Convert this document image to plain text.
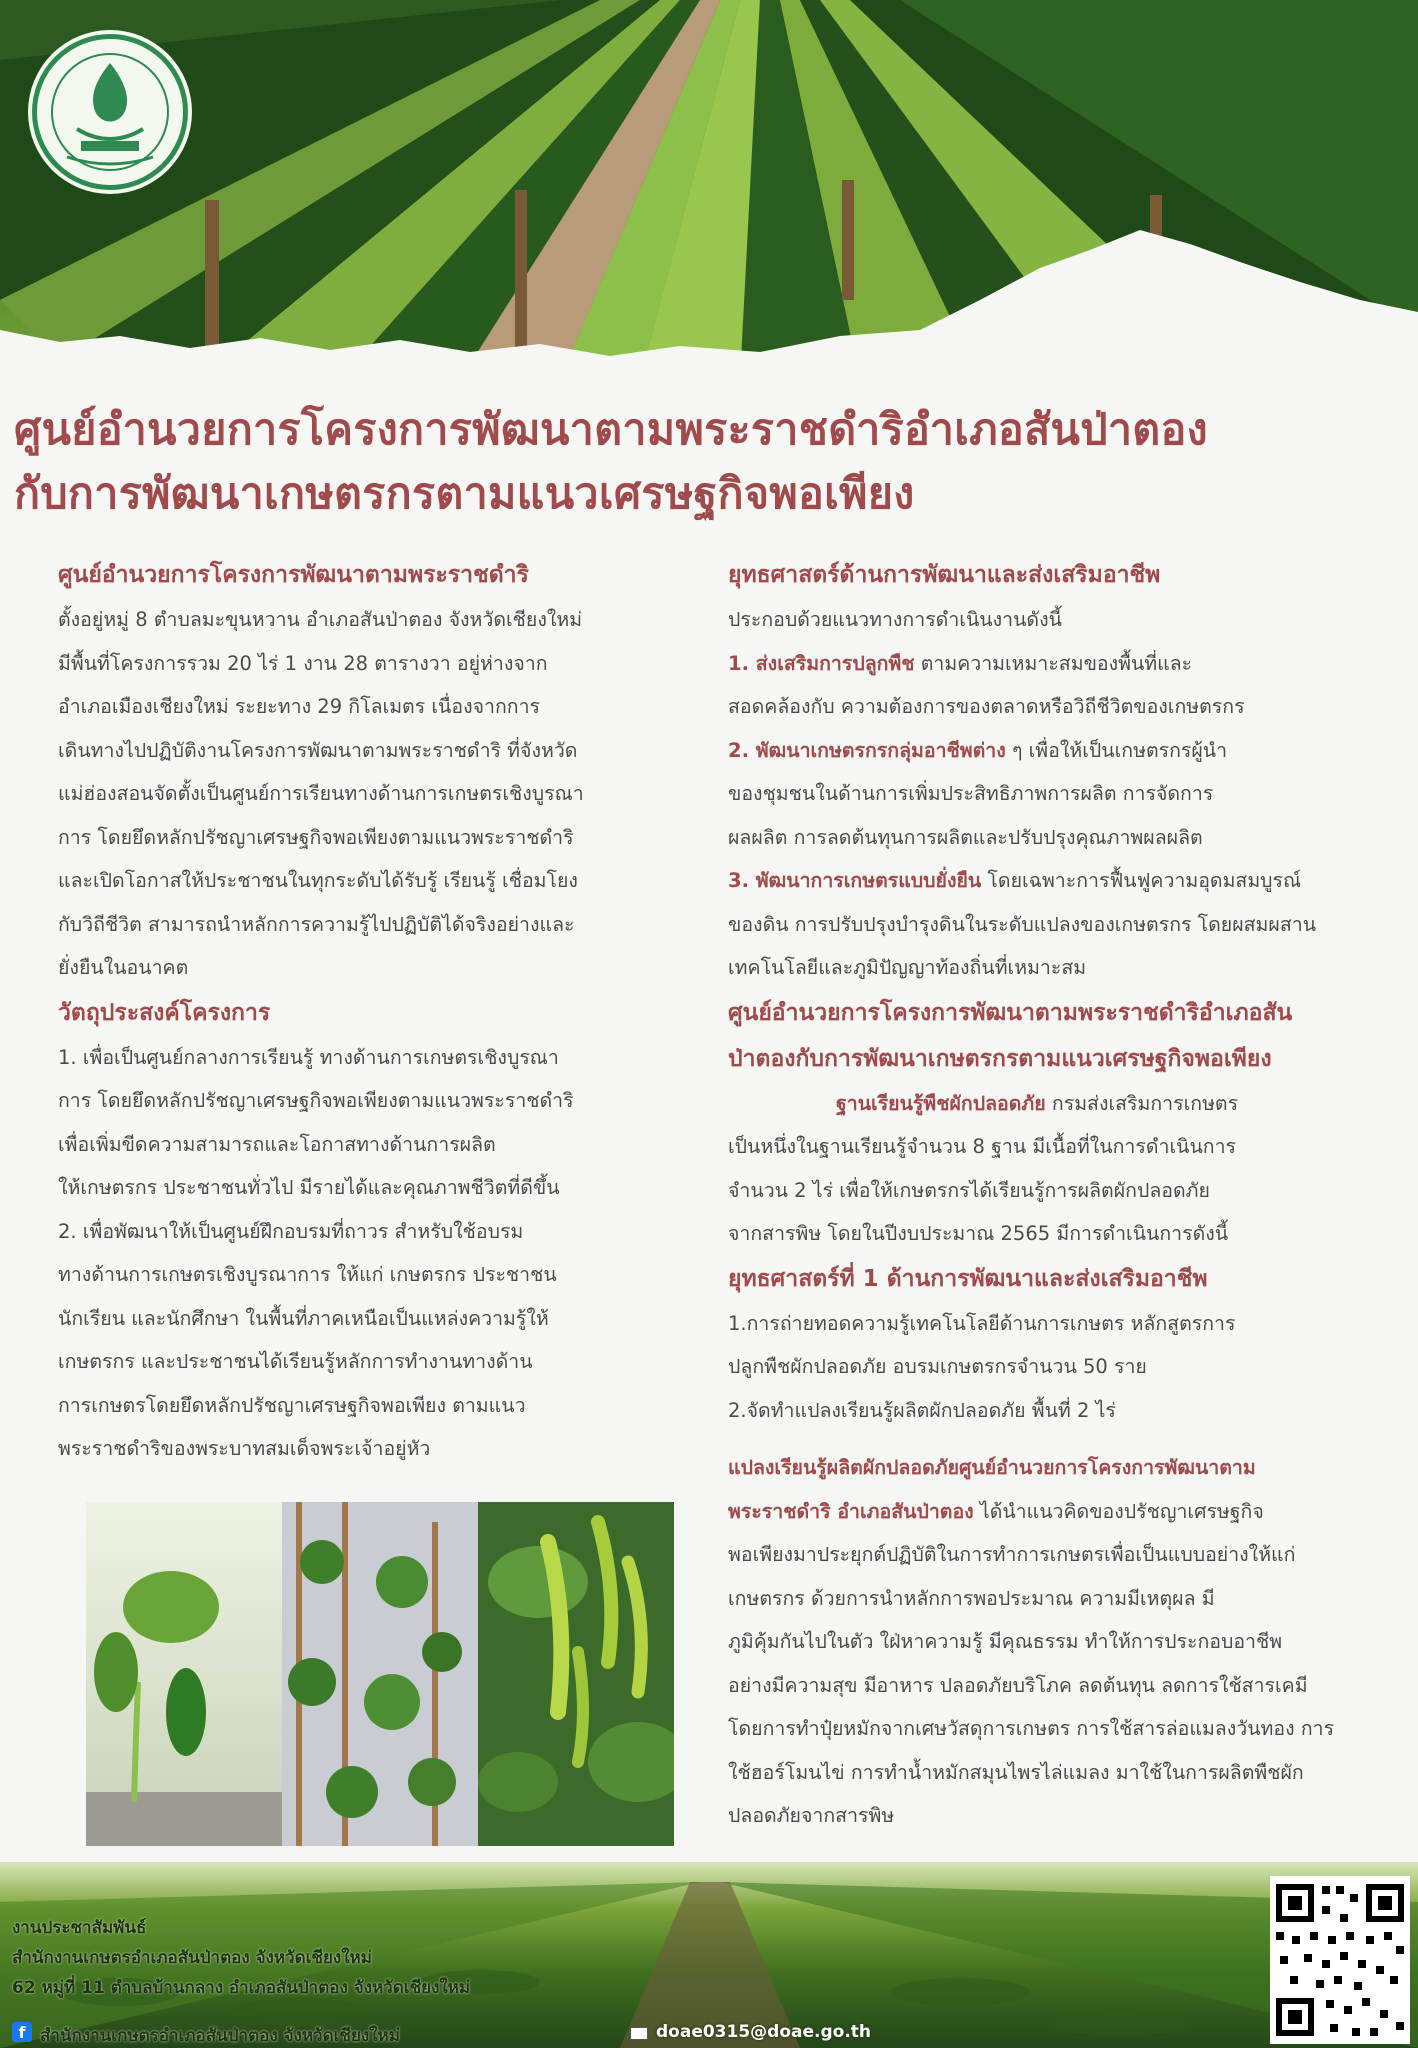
ศูนย์อำนวยการโครงการพัฒนาตามพระราชดำริอำเภอสันป่าตอง
กับการพัฒนาเกษตรกรตามแนวเศรษฐกิจพอเพียง
ศูนย์อำนวยการโครงการพัฒนาตามพระราชดำริ
ตั้งอยู่หมู่ 8 ตำบลมะขุนหวาน อำเภอสันป่าตอง จังหวัดเชียงใหม่
มีพื้นที่โครงการรวม 20 ไร่ 1 งาน 28 ตารางวา อยู่ห่างจาก
อำเภอเมืองเชียงใหม่ ระยะทาง 29 กิโลเมตร เนื่องจากการ
เดินทางไปปฏิบัติงานโครงการพัฒนาตามพระราชดำริ ที่จังหวัด
แม่ฮ่องสอนจัดตั้งเป็นศูนย์การเรียนทางด้านการเกษตรเชิงบูรณา
การ โดยยึดหลักปรัชญาเศรษฐกิจพอเพียงตามแนวพระราชดำริ
และเปิดโอกาสให้ประชาชนในทุกระดับได้รับรู้ เรียนรู้ เชื่อมโยง
กับวิถีชีวิต สามารถนำหลักการความรู้ไปปฏิบัติได้จริงอย่างและ
ยั่งยืนในอนาคต
วัตถุประสงค์โครงการ
1. เพื่อเป็นศูนย์กลางการเรียนรู้ ทางด้านการเกษตรเชิงบูรณา
การ โดยยึดหลักปรัชญาเศรษฐกิจพอเพียงตามแนวพระราชดำริ
เพื่อเพิ่มขีดความสามารถและโอกาสทางด้านการผลิต
ให้เกษตรกร ประชาชนทั่วไป มีรายได้และคุณภาพชีวิตที่ดีขึ้น
2. เพื่อพัฒนาให้เป็นศูนย์ฝึกอบรมที่ถาวร สำหรับใช้อบรม
ทางด้านการเกษตรเชิงบูรณาการ ให้แก่ เกษตรกร ประชาชน
นักเรียน และนักศึกษา ในพื้นที่ภาคเหนือเป็นแหล่งความรู้ให้
เกษตรกร และประชาชนได้เรียนรู้หลักการทำงานทางด้าน
การเกษตรโดยยึดหลักปรัชญาเศรษฐกิจพอเพียง ตามแนว
พระราชดำริของพระบาทสมเด็จพระเจ้าอยู่หัว
ยุทธศาสตร์ด้านการพัฒนาและส่งเสริมอาชีพ
ประกอบด้วยแนวทางการดำเนินงานดังนี้
1. ส่งเสริมการปลูกพืช ตามความเหมาะสมของพื้นที่และ
สอดคล้องกับ ความต้องการของตลาดหรือวิถีชีวิตของเกษตรกร
2. พัฒนาเกษตรกรกลุ่มอาชีพต่าง ๆ เพื่อให้เป็นเกษตรกรผู้นำ
ของชุมชนในด้านการเพิ่มประสิทธิภาพการผลิต การจัดการ
ผลผลิต การลดต้นทุนการผลิตและปรับปรุงคุณภาพผลผลิต
3. พัฒนาการเกษตรแบบยั่งยืน โดยเฉพาะการฟื้นฟูความอุดมสมบูรณ์
ของดิน การปรับปรุงบำรุงดินในระดับแปลงของเกษตรกร โดยผสมผสาน
เทคโนโลยีและภูมิปัญญาท้องถิ่นที่เหมาะสม
ศูนย์อำนวยการโครงการพัฒนาตามพระราชดำริอำเภอสัน
ป่าตองกับการพัฒนาเกษตรกรตามแนวเศรษฐกิจพอเพียง
ฐานเรียนรู้พืชผักปลอดภัย กรมส่งเสริมการเกษตร
เป็นหนึ่งในฐานเรียนรู้จำนวน 8 ฐาน มีเนื้อที่ในการดำเนินการ
จำนวน 2 ไร่ เพื่อให้เกษตรกรได้เรียนรู้การผลิตผักปลอดภัย
จากสารพิษ โดยในปีงบประมาณ 2565 มีการดำเนินการดังนี้
ยุทธศาสตร์ที่ 1 ด้านการพัฒนาและส่งเสริมอาชีพ
1.การถ่ายทอดความรู้เทคโนโลยีด้านการเกษตร หลักสูตรการ
ปลูกพืชผักปลอดภัย อบรมเกษตรกรจำนวน 50 ราย
2.จัดทำแปลงเรียนรู้ผลิตผักปลอดภัย พื้นที่ 2 ไร่
แปลงเรียนรู้ผลิตผักปลอดภัยศูนย์อำนวยการโครงการพัฒนาตาม
พระราชดำริ อำเภอสันป่าตอง ได้นำแนวคิดของปรัชญาเศรษฐกิจ
พอเพียงมาประยุกต์ปฏิบัติในการทำการเกษตรเพื่อเป็นแบบอย่างให้แก่
เกษตรกร ด้วยการนำหลักการพอประมาณ ความมีเหตุผล มี
ภูมิคุ้มกันไปในตัว ใฝ่หาความรู้ มีคุณธรรม ทำให้การประกอบอาชีพ
อย่างมีความสุข มีอาหาร ปลอดภัยบริโภค ลดต้นทุน ลดการใช้สารเคมี
โดยการทำปุ๋ยหมักจากเศษวัสดุการเกษตร การใช้สารล่อแมลงวันทอง การ
ใช้ฮอร์โมนไข่ การทำน้ำหมักสมุนไพรไล่แมลง มาใช้ในการผลิตพืชผัก
ปลอดภัยจากสารพิษ
งานประชาสัมพันธ์
สำนักงานเกษตรอำเภอสันป่าตอง จังหวัดเชียงใหม่
62 หมู่ที่ 11 ตำบลบ้านกลาง อำเภอสันป่าตอง จังหวัดเชียงใหม่
f สำนักงานเกษตรอำเภอสันป่าตอง จังหวัดเชียงใหม่	doae0315@doae.go.th
